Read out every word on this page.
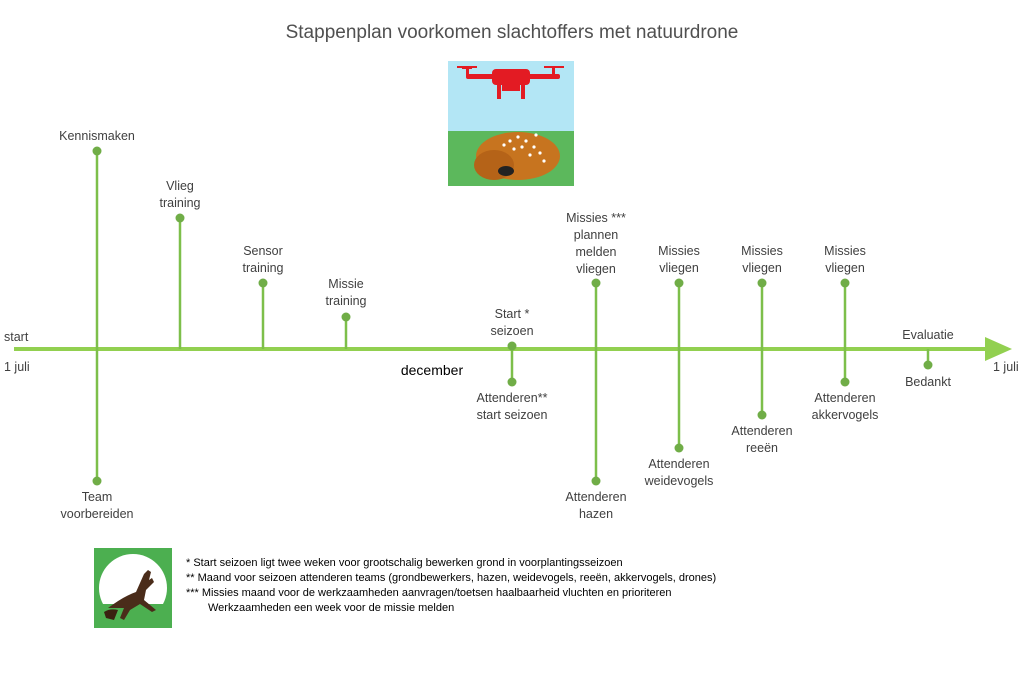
Stappenplan voorkomen slachtoffers met natuurdrone
start
1 juli	1 juli
december
Kennismaken
Vlieg
training
Sensor
training
Missie
training
Start *
seizoen
Missies ***
plannen
melden
vliegen
Missies
vliegen
Missies
vliegen
Missies
vliegen
Evaluatie
Team
voorbereiden
Attenderen**
start seizoen
Attenderen
hazen
Attenderen
weidevogels
Attenderen
reeën
Attenderen
akkervogels
Bedankt
* Start seizoen ligt twee weken voor grootschalig bewerken grond in voorplantingsseizoen
** Maand voor seizoen attenderen teams (grondbewerkers, hazen, weidevogels, reeën, akkervogels, drones)
*** Missies maand voor de werkzaamheden aanvragen/toetsen haalbaarheid vluchten en prioriteren
Werkzaamheden een week voor de missie melden
